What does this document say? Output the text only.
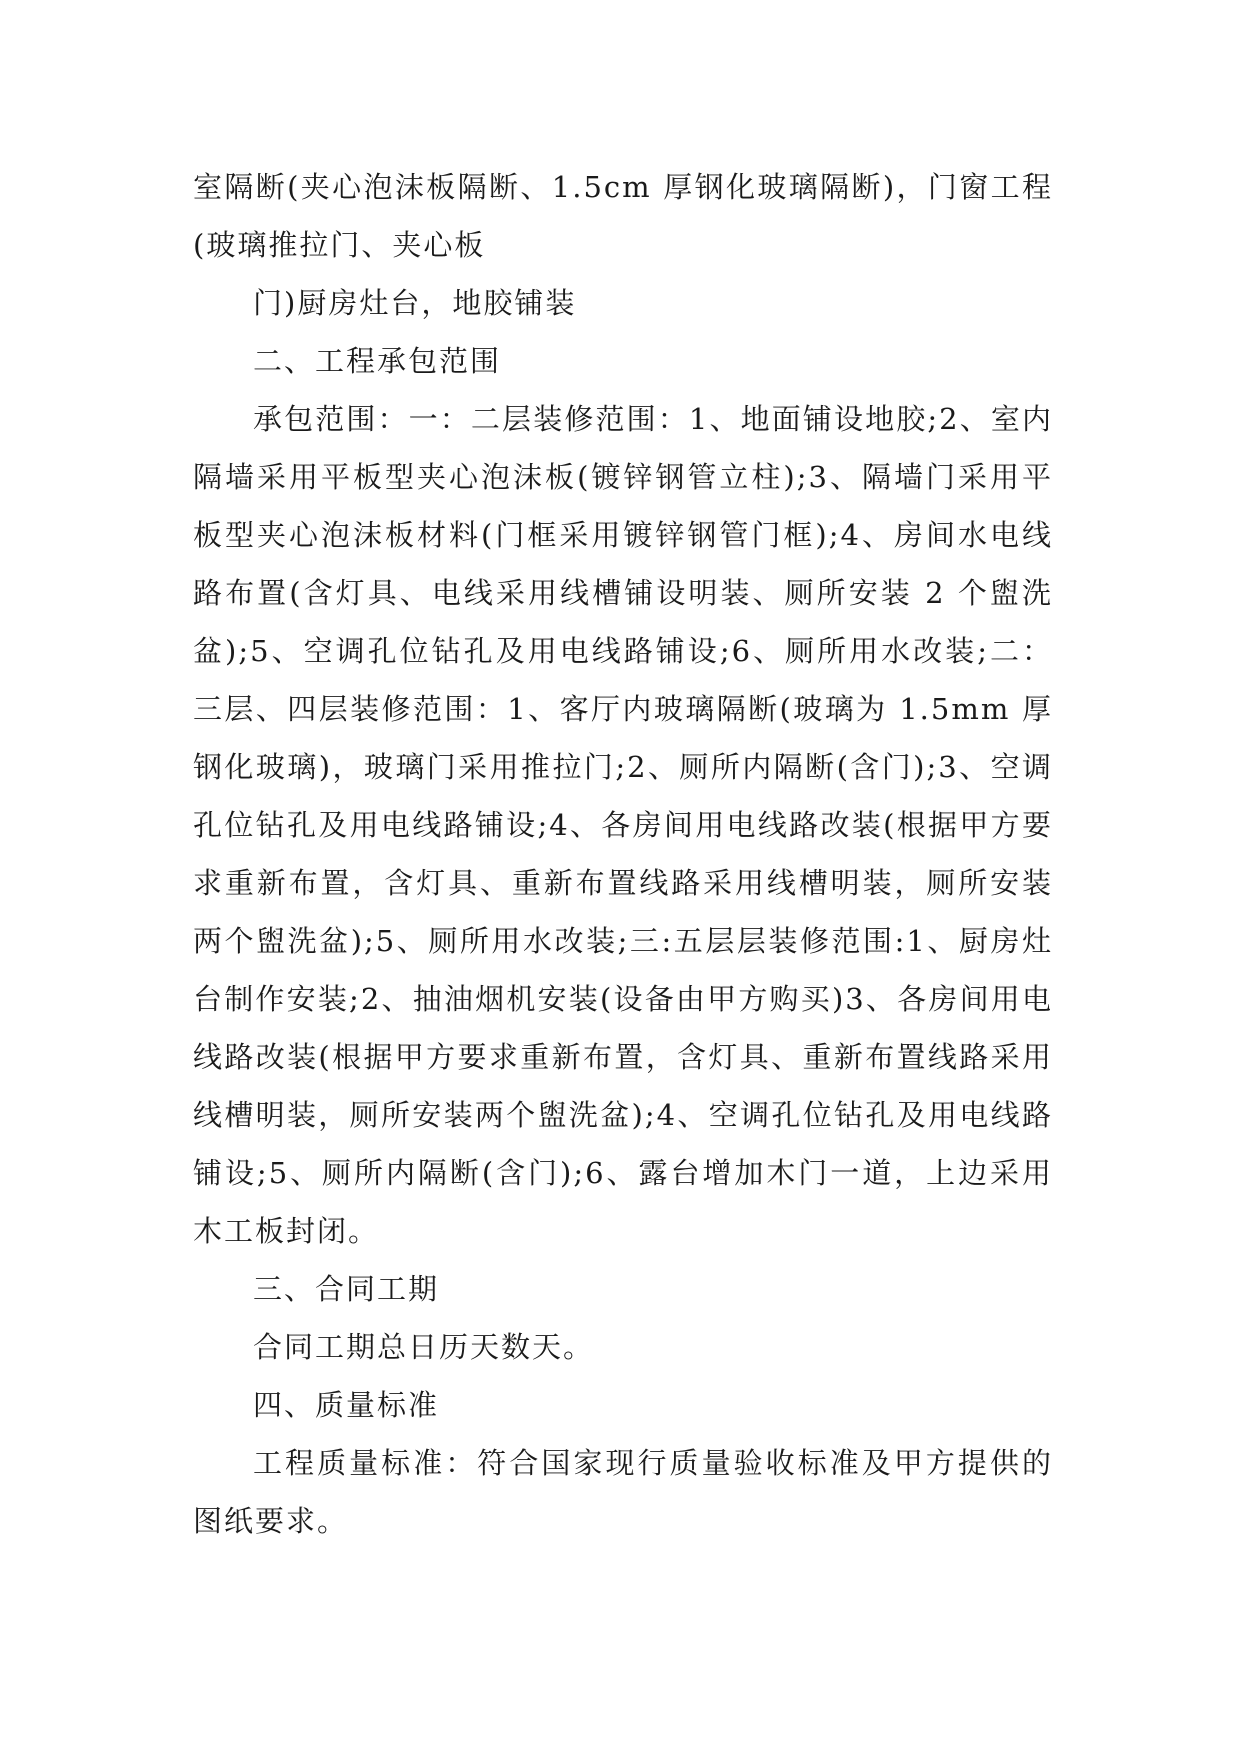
室隔断(夹心泡沫板隔断、1.5cm 厚钢化玻璃隔断)，门窗工程(玻璃推拉门、夹心板

门)厨房灶台，地胶铺装

二、工程承包范围

承包范围：一：二层装修范围：1、地面铺设地胶;2、室内隔墙采用平板型夹心泡沫板(镀锌钢管立柱);3、隔墙门采用平板型夹心泡沫板材料(门框采用镀锌钢管门框);4、房间水电线路布置(含灯具、电线采用线槽铺设明装、厕所安装 2 个盥洗盆);5、空调孔位钻孔及用电线路铺设;6、厕所用水改装;二：三层、四层装修范围：1、客厅内玻璃隔断(玻璃为 1.5mm 厚钢化玻璃)，玻璃门采用推拉门;2、厕所内隔断(含门);3、空调孔位钻孔及用电线路铺设;4、各房间用电线路改装(根据甲方要求重新布置，含灯具、重新布置线路采用线槽明装，厕所安装两个盥洗盆);5、厕所用水改装;三:五层层装修范围:1、厨房灶台制作安装;2、抽油烟机安装(设备由甲方购买)3、各房间用电线路改装(根据甲方要求重新布置，含灯具、重新布置线路采用线槽明装，厕所安装两个盥洗盆);4、空调孔位钻孔及用电线路铺设;5、厕所内隔断(含门);6、露台增加木门一道，上边采用木工板封闭。

三、合同工期

合同工期总日历天数天。

四、质量标准

工程质量标准：符合国家现行质量验收标准及甲方提供的图纸要求。
